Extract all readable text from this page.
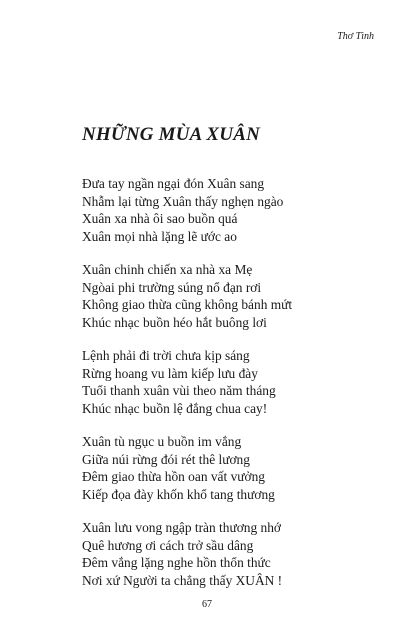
Thơ Tình
NHỮNG MÙA XUÂN
Đưa tay ngần ngại đón Xuân sang
Nhẫm lại từng Xuân thấy nghẹn ngào
Xuân xa nhà ôi sao buồn quá
Xuân mọi nhà lặng lẽ ước ao
Xuân chinh chiến xa nhà xa Mẹ
Ngòai phi trường súng nổ đạn rơi
Không giao thừa cũng không bánh mứt
Khúc nhạc buồn héo hắt buông lơi
Lệnh phải đi trời chưa kịp sáng
Rừng hoang vu làm kiếp lưu đày
Tuổi thanh xuân vùi theo năm tháng
Khúc nhạc buồn lệ đắng chua cay!
Xuân tù ngục u buồn im vắng
Giữa núi rừng đói rét thê lương
Đêm giao thừa hồn oan vất vưởng
Kiếp đọa đày khốn khổ tang thương
Xuân lưu vong ngập tràn thương nhớ
Quê hương ơi cách trở sầu dâng
Đêm vắng lặng nghe hồn thổn thức
Nơi xứ Người ta chẳng thấy XUÂN !
67
